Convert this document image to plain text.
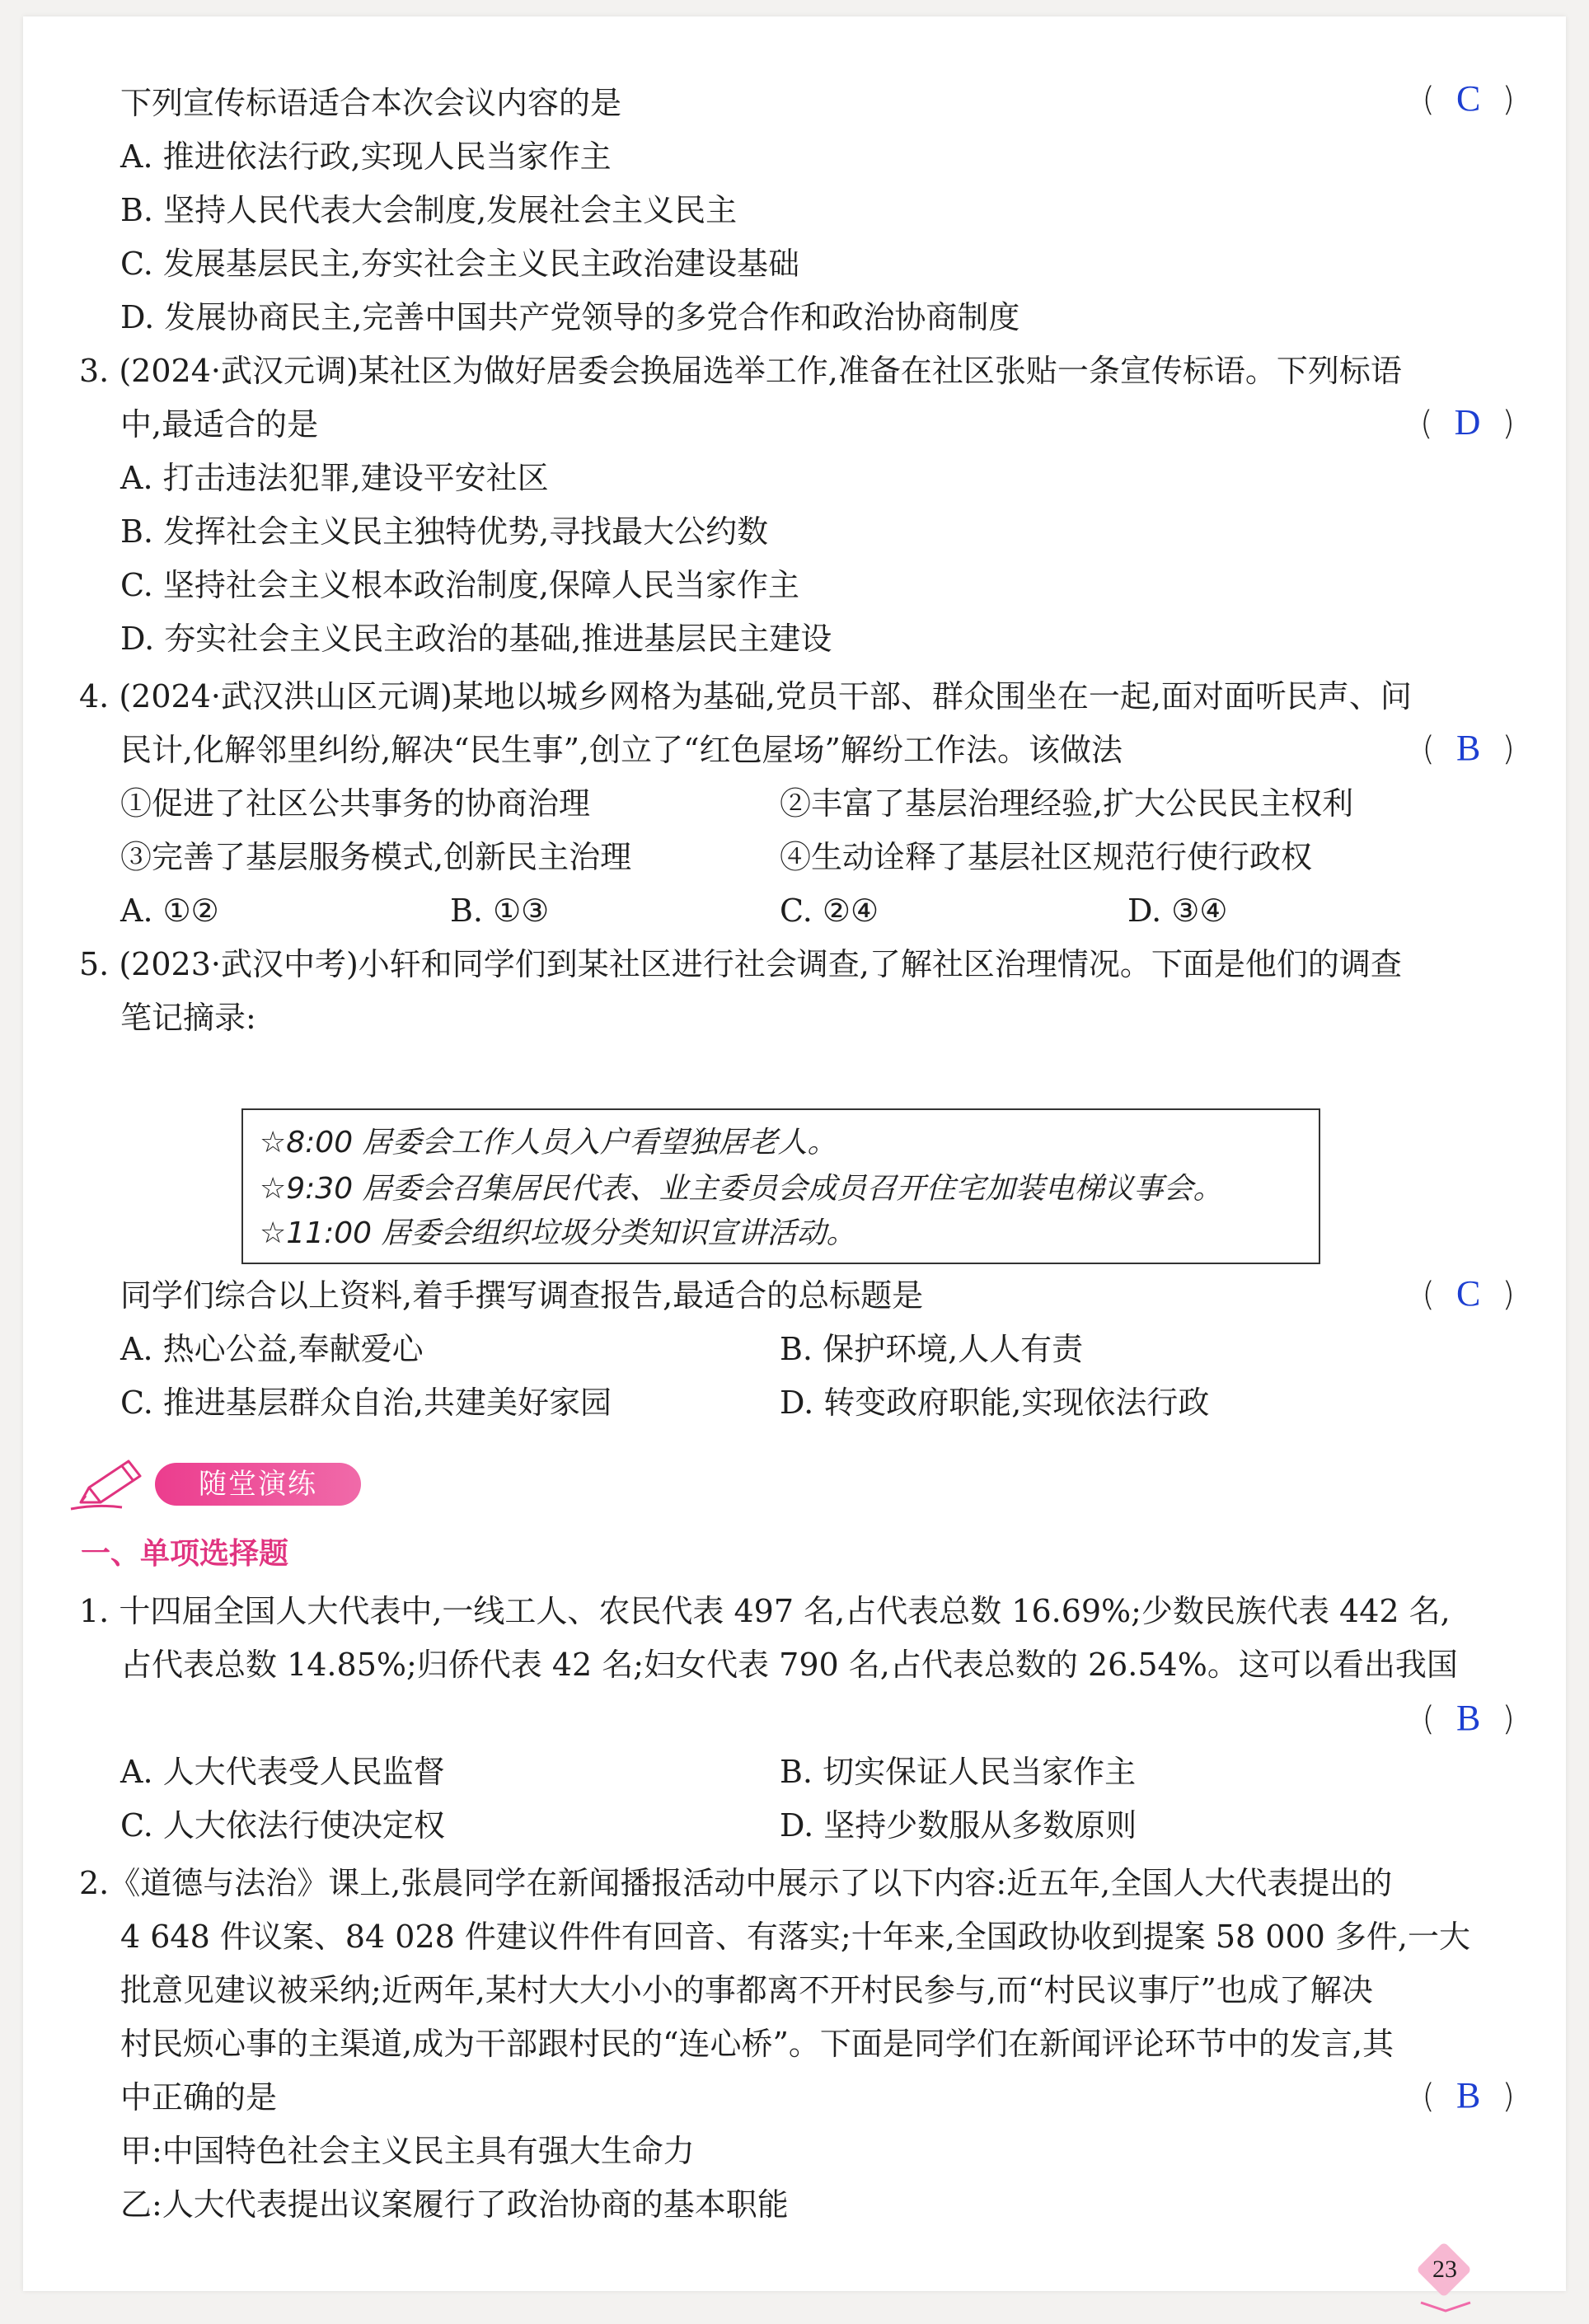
下列宣传标语适合本次会议内容的是	( C )
A. 推进依法行政,实现人民当家作主
B. 坚持人民代表大会制度,发展社会主义民主
C. 发展基层民主,夯实社会主义民主政治建设基础
D. 发展协商民主,完善中国共产党领导的多党合作和政治协商制度
3. (2024·武汉元调)某社区为做好居委会换届选举工作,准备在社区张贴一条宣传标语。下列标语
中,最适合的是	( D )
A. 打击违法犯罪,建设平安社区
B. 发挥社会主义民主独特优势,寻找最大公约数
C. 坚持社会主义根本政治制度,保障人民当家作主
D. 夯实社会主义民主政治的基础,推进基层民主建设
4. (2024·武汉洪山区元调)某地以城乡网格为基础,党员干部、群众围坐在一起,面对面听民声、问
民计,化解邻里纠纷,解决“民生事”,创立了“红色屋场”解纷工作法。该做法	( B )
①促进了社区公共事务的协商治理	②丰富了基层治理经验,扩大公民民主权利
③完善了基层服务模式,创新民主治理	④生动诠释了基层社区规范行使行政权
A. ①②	B. ①③	C. ②④	D. ③④
5. (2023·武汉中考)小轩和同学们到某社区进行社会调查,了解社区治理情况。下面是他们的调查
笔记摘录:
☆8:00 居委会工作人员入户看望独居老人。
☆9:30 居委会召集居民代表、业主委员会成员召开住宅加装电梯议事会。
☆11:00 居委会组织垃圾分类知识宣讲活动。
同学们综合以上资料,着手撰写调查报告,最适合的总标题是	( C )
A. 热心公益,奉献爱心	B. 保护环境,人人有责
C. 推进基层群众自治,共建美好家园	D. 转变政府职能,实现依法行政
随堂演练
一、单项选择题
1. 十四届全国人大代表中,一线工人、农民代表 497 名,占代表总数 16.69%;少数民族代表 442 名,
占代表总数 14.85%;归侨代表 42 名;妇女代表 790 名,占代表总数的 26.54%。这可以看出我国
( B )
A. 人大代表受人民监督	B. 切实保证人民当家作主
C. 人大依法行使决定权	D. 坚持少数服从多数原则
2.《道德与法治》课上,张晨同学在新闻播报活动中展示了以下内容:近五年,全国人大代表提出的
4 648 件议案、84 028 件建议件件有回音、有落实;十年来,全国政协收到提案 58 000 多件,一大
批意见建议被采纳;近两年,某村大大小小的事都离不开村民参与,而“村民议事厅”也成了解决
村民烦心事的主渠道,成为干部跟村民的“连心桥”。下面是同学们在新闻评论环节中的发言,其
中正确的是	( B )
甲:中国特色社会主义民主具有强大生命力
乙:人大代表提出议案履行了政治协商的基本职能
23
